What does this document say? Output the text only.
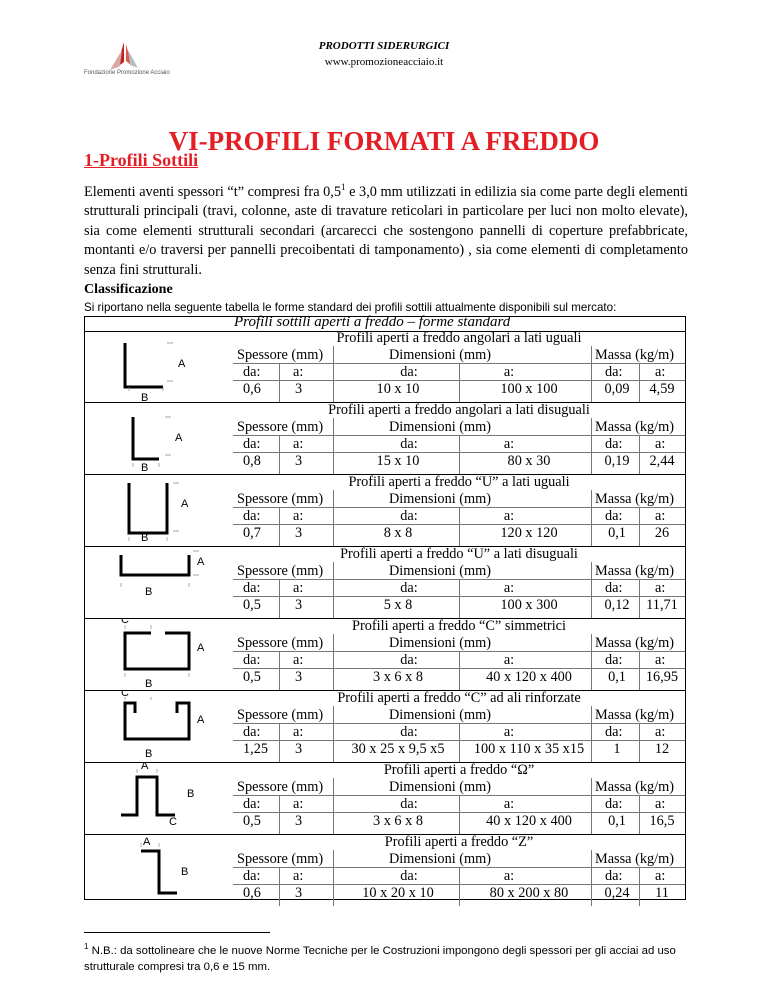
Fondazione Promozione Acciaio
PRODOTTI SIDERURGICI
www.promozioneacciaio.it
VI-PROFILI FORMATI A FREDDO
1-Profili Sottili
Elementi aventi spessori “t” compresi fra $0,5^1$ e 3,0 mm utilizzati in edilizia sia come parte degli elementi strutturali principali (travi, colonne, aste di travature reticolari in particolare per luci non molto elevate), sia come elementi strutturali secondari (arcarecci che sostengono pannelli di coperture prefabbricate, montanti e/o traversi per pannelli precoibentati di tamponamento) , sia come elementi di completamento senza fini strutturali.
Classificazione
Si riportano nella seguente tabella le forme standard dei profili sottili attualmente disponibili sul mercato:
Profili sottili aperti a freddo – forme standard
A
B
Profili aperti a freddo angolari a lati uguali
Spessore (mm)	Dimensioni (mm)	Massa (kg/m)
da: a:	da:	a:	da: a:
0,6 3	10 x 10	100 x 100	0,09	4,59
A
B
Profili aperti a freddo angolari a lati disuguali
Spessore (mm)	Dimensioni (mm)	Massa (kg/m)
da: a:	da:	a:	da: a:
0,8 3	15 x 10	80 x 30	0,19	2,44
A
B
Profili aperti a freddo “U” a lati uguali
Spessore (mm)	Dimensioni (mm)	Massa (kg/m)
da: a:	da:	a:	da: a:
0,7 3	8 x 8	120 x 120	0,1	26
A
B
Profili aperti a freddo “U” a lati disuguali
Spessore (mm)	Dimensioni (mm)	Massa (kg/m)
da: a:	da:	a:	da: a:
0,5 3	5 x 8	100 x 300	0,12	11,71
C
A
B
Profili aperti a freddo “C” simmetrici
Spessore (mm)	Dimensioni (mm)	Massa (kg/m)
da: a:	da:	a:	da: a:
0,5 3	3 x 6 x 8	40 x 120 x 400	0,1	16,95
C
A
B
Profili aperti a freddo “C” ad ali rinforzate
Spessore (mm)	Dimensioni (mm)	Massa (kg/m)
da: a:	da:	a:	da: a:
1,25 3	30 x 25 x 9,5 x5	100 x 110 x 35 x15	1	12
A
B
C
Profili aperti a freddo “Ω”
Spessore (mm)	Dimensioni (mm)	Massa (kg/m)
da: a:	da:	a:	da: a:
0,5 3	3 x 6 x 8	40 x 120 x 400	0,1	16,5
A
B
Profili aperti a freddo “Z”
Spessore (mm)	Dimensioni (mm)	Massa (kg/m)
da: a:	da:	a:	da: a:
0,6 3	10 x 20 x 10	80 x 200 x 80	0,24	11
$^1$ N.B.: da sottolineare che le nuove Norme Tecniche per le Costruzioni impongono degli spessori per gli acciai ad uso strutturale compresi tra 0,6 e 15 mm.
